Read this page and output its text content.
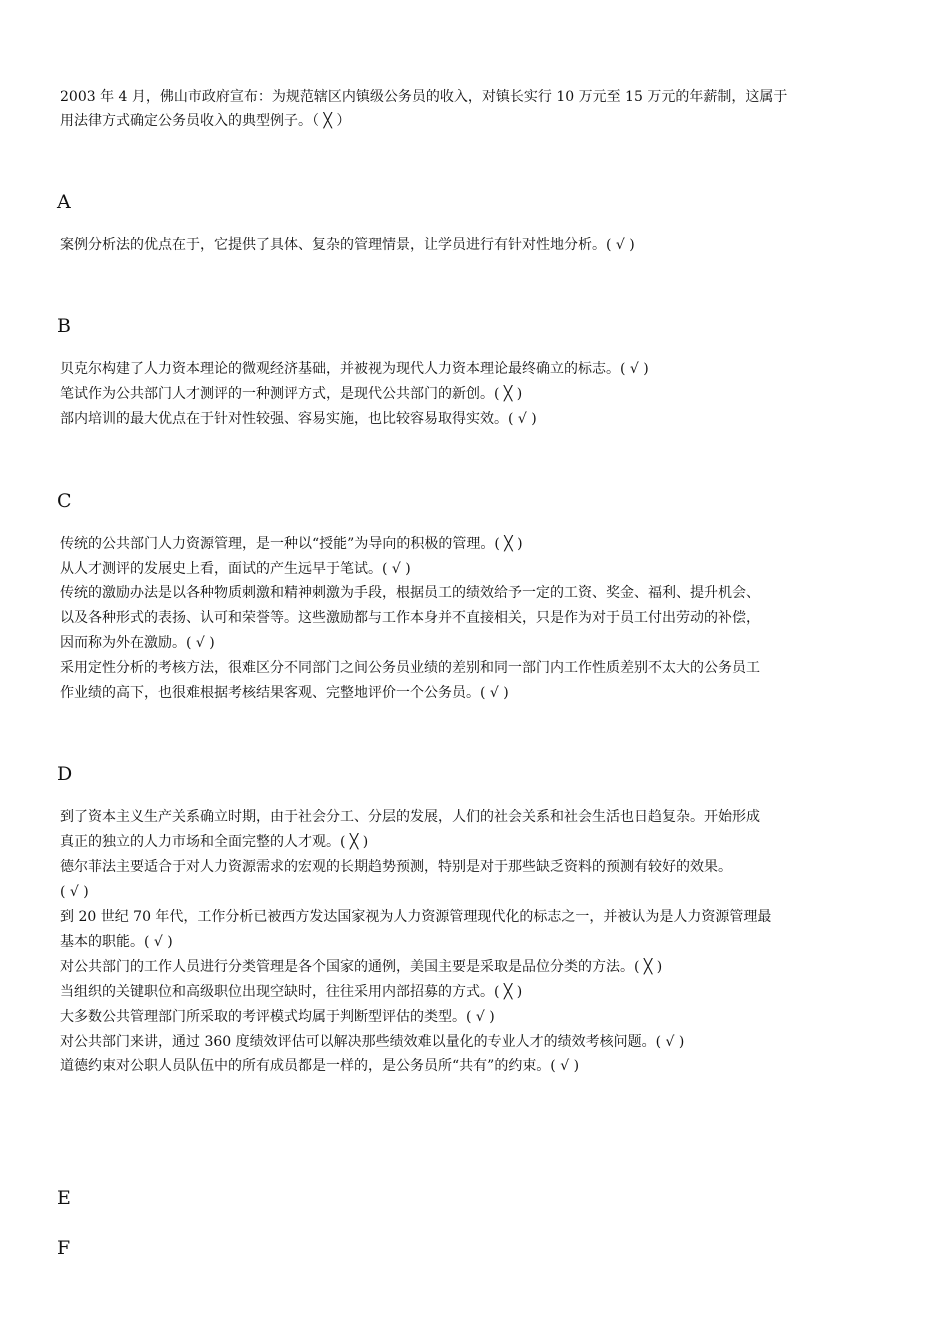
2003 年 4 月，佛山市政府宣布：为规范辖区内镇级公务员的收入，对镇长实行 10 万元至 15 万元的年薪制，这属于
用法律方式确定公务员收入的典型例子。（ ╳ ）
A
案例分析法的优点在于，它提供了具体、复杂的管理情景，让学员进行有针对性地分析。( √ )
B
贝克尔构建了人力资本理论的微观经济基础，并被视为现代人力资本理论最终确立的标志。( √ )
笔试作为公共部门人才测评的一种测评方式，是现代公共部门的新创。( ╳ )
部内培训的最大优点在于针对性较强、容易实施，也比较容易取得实效。( √ )
C
传统的公共部门人力资源管理，是一种以“授能”为导向的积极的管理。( ╳ )
从人才测评的发展史上看，面试的产生远早于笔试。( √ )
传统的激励办法是以各种物质刺激和精神刺激为手段，根据员工的绩效给予一定的工资、奖金、福利、提升机会、
以及各种形式的表扬、认可和荣誉等。这些激励都与工作本身并不直接相关，只是作为对于员工付出劳动的补偿，
因而称为外在激励。( √ )
采用定性分析的考核方法，很难区分不同部门之间公务员业绩的差别和同一部门内工作性质差别不太大的公务员工
作业绩的高下，也很难根据考核结果客观、完整地评价一个公务员。( √ )
D
到了资本主义生产关系确立时期，由于社会分工、分层的发展，人们的社会关系和社会生活也日趋复杂。开始形成
真正的独立的人力市场和全面完整的人才观。( ╳ )
德尔菲法主要适合于对人力资源需求的宏观的长期趋势预测，特别是对于那些缺乏资料的预测有较好的效果。
( √ )
到 20 世纪 70 年代，工作分析已被西方发达国家视为人力资源管理现代化的标志之一，并被认为是人力资源管理最
基本的职能。( √ )
对公共部门的工作人员进行分类管理是各个国家的通例，美国主要是采取是品位分类的方法。( ╳ )
当组织的关键职位和高级职位出现空缺时，往往采用内部招募的方式。( ╳ )
大多数公共管理部门所采取的考评模式均属于判断型评估的类型。( √ )
对公共部门来讲，通过 360 度绩效评估可以解决那些绩效难以量化的专业人才的绩效考核问题。( √ )
道德约束对公职人员队伍中的所有成员都是一样的，是公务员所“共有”的约束。( √ )
E
F
